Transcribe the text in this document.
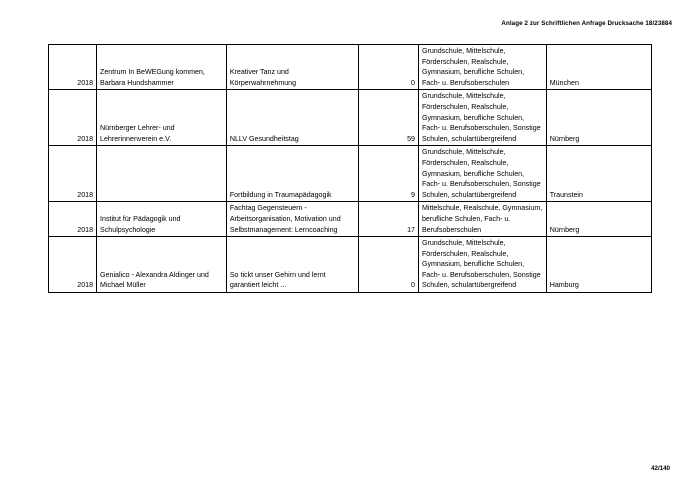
Anlage 2 zur Schriftlichen Anfrage Drucksache 18/23884
2018	Zentrum In BeWEGung kommen, Barbara Hundshammer	Kreativer Tanz und Körperwahrnehmung	0	Grundschule, Mittelschule, Förderschulen, Realschule, Gymnasium, berufliche Schulen, Fach- u. Berufsoberschulen	München
2018	Nürnberger Lehrer- und Lehrerinnenverein e.V.	NLLV Gesundheitstag	59	Grundschule, Mittelschule, Förderschulen, Realschule, Gymnasium, berufliche Schulen, Fach- u. Berufsoberschulen, Sonstige Schulen, schulartübergreifend	Nürnberg
2018		Fortbildung in Traumapädagogik	9	Grundschule, Mittelschule, Förderschulen, Realschule, Gymnasium, berufliche Schulen, Fach- u. Berufsoberschulen, Sonstige Schulen, schulartübergreifend	Traunstein
2018	Institut für Pädagogik und Schulpsychologie	Fachtag Gegensteuern - Arbeitsorganisation, Motivation und Selbstmanagement: Lerncoaching	17	Mittelschule, Realschule, Gymnasium, berufliche Schulen, Fach- u. Berufsoberschulen	Nürnberg
2018	Genialico - Alexandra Aldinger und Michael Müller	So tickt unser Gehirn und lernt garantiert leicht ...	0	Grundschule, Mittelschule, Förderschulen, Realschule, Gymnasium, berufliche Schulen, Fach- u. Berufsoberschulen, Sonstige Schulen, schulartübergreifend	Hamburg
42/140
